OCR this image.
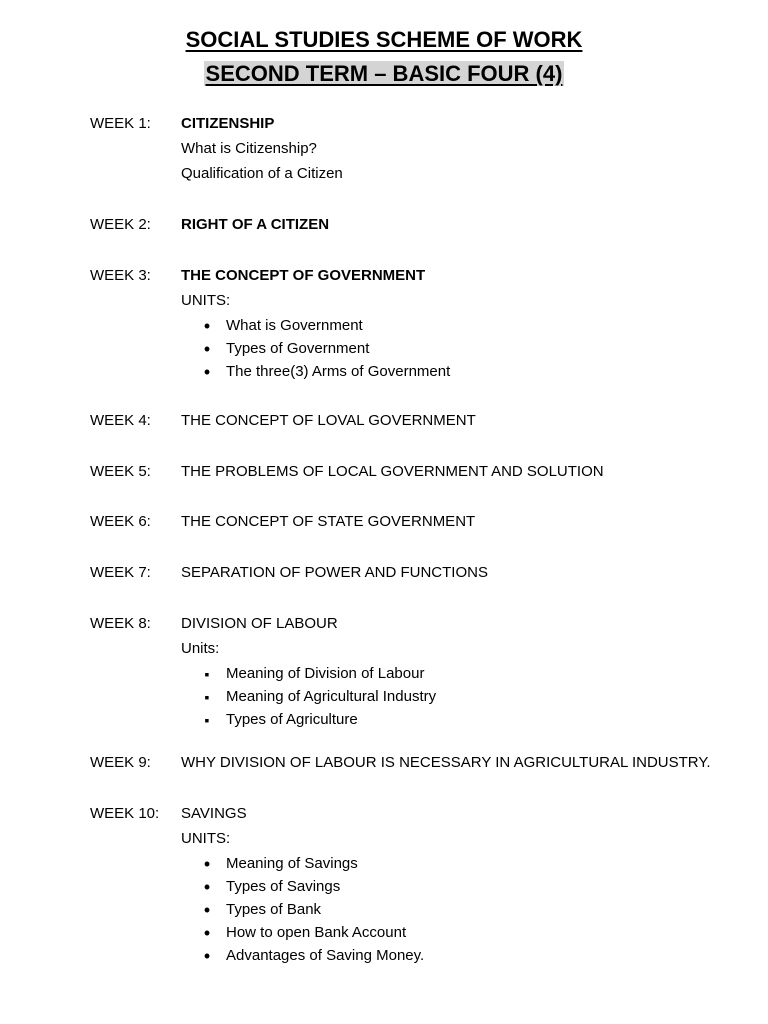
SOCIAL STUDIES SCHEME OF WORK
SECOND TERM – BASIC FOUR (4)
WEEK 1: CITIZENSHIP
What is Citizenship?
Qualification of a Citizen
WEEK 2: RIGHT OF A CITIZEN
WEEK 3: THE CONCEPT OF GOVERNMENT
UNITS:
•
What is Government
•
Types of Government
•
The three(3) Arms of Government
WEEK 4: THE CONCEPT OF LOVAL GOVERNMENT
WEEK 5: THE PROBLEMS OF LOCAL GOVERNMENT AND SOLUTION
WEEK 6: THE CONCEPT OF STATE GOVERNMENT
WEEK 7: SEPARATION OF POWER AND FUNCTIONS
WEEK 8: DIVISION OF LABOUR
Units:
▪
Meaning of Division of Labour
▪
Meaning of Agricultural Industry
▪
Types of Agriculture
WEEK 9: WHY DIVISION OF LABOUR IS NECESSARY IN AGRICULTURAL INDUSTRY.
WEEK 10: SAVINGS
UNITS:
•
Meaning of Savings
•
Types of Savings
•
Types of Bank
•
How to open Bank Account
•
Advantages of Saving Money.
